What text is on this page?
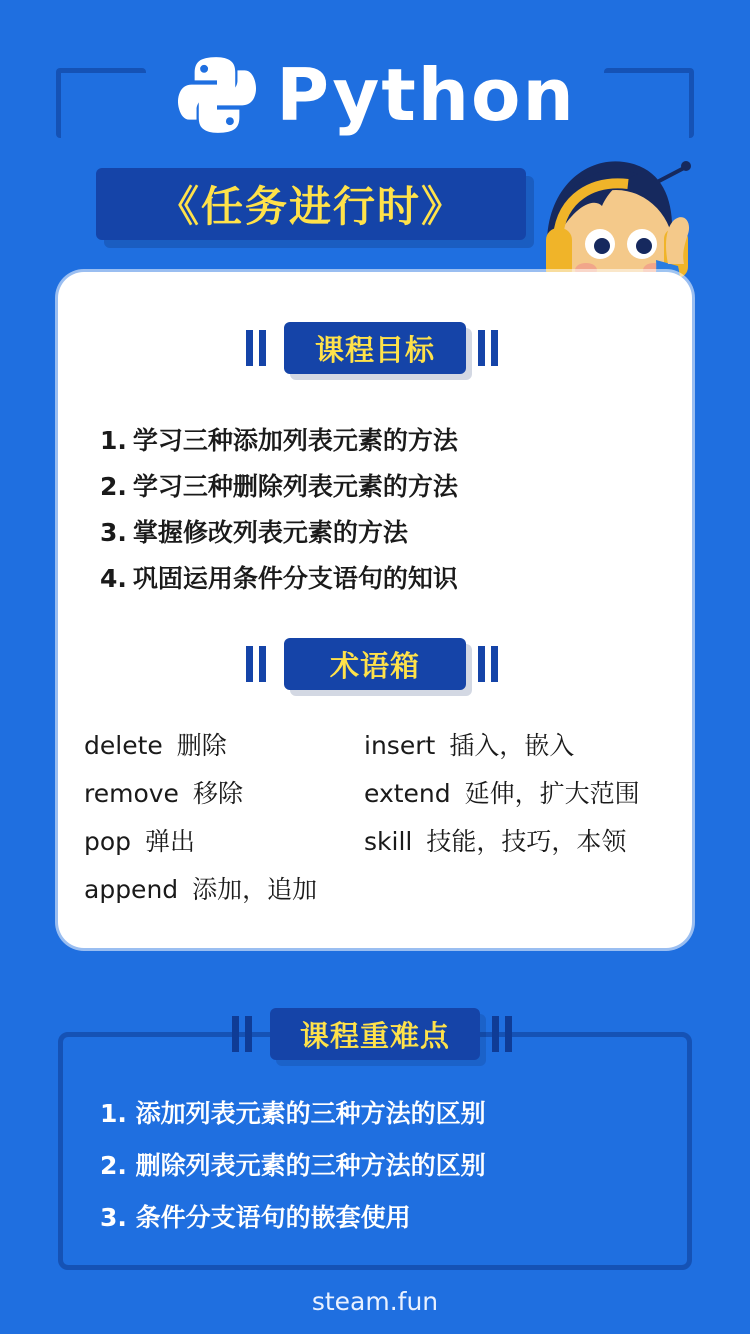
Python
《任务进行时》
课程目标
1. 学习三种添加列表元素的方法
2. 学习三种删除列表元素的方法
3. 掌握修改列表元素的方法
4. 巩固运用条件分支语句的知识
术语箱
delete 删除	insert 插入，嵌入
remove 移除	extend 延伸，扩大范围
pop 弹出	skill 技能，技巧，本领
append 添加，追加
课程重难点
1. 添加列表元素的三种方法的区别
2. 删除列表元素的三种方法的区别
3. 条件分支语句的嵌套使用
steam.fun
